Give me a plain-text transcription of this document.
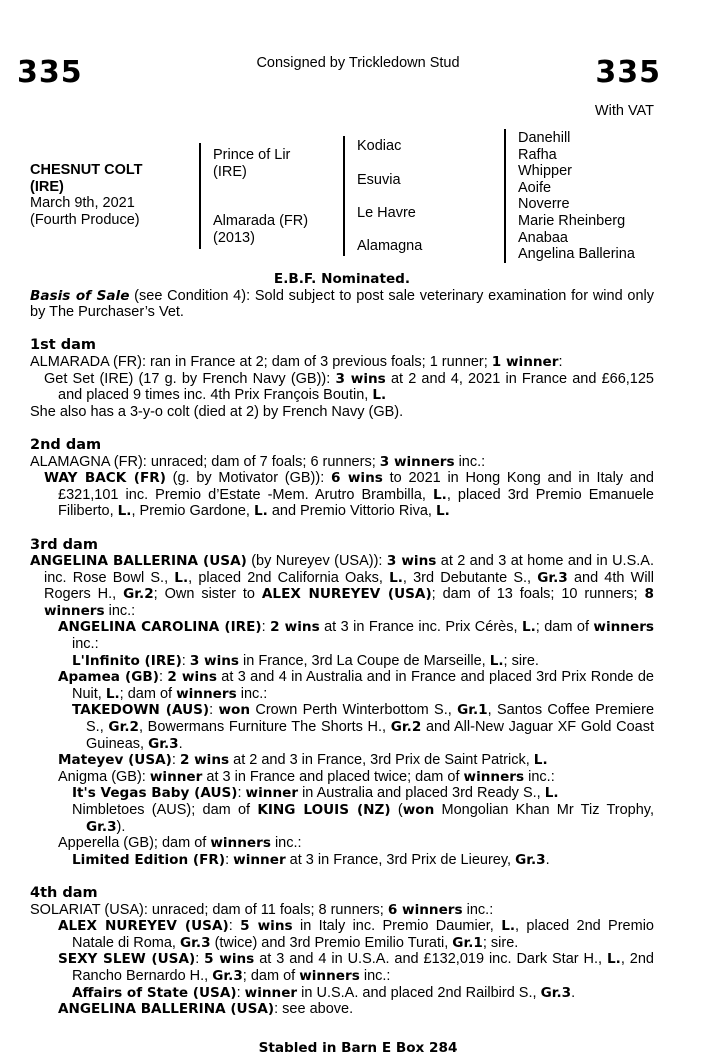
335	Consigned by Trickledown Stud	335
With VAT
CHESNUT COLT
(IRE)
March 9th, 2021
(Fourth Produce)
Prince of Lir
(IRE)
Almarada (FR)
(2013)
Kodiac
Esuvia
Le Havre
Alamagna
Danehill
Rafha
Whipper
Aoife
Noverre
Marie Rheinberg
Anabaa
Angelina Ballerina

E.B.F. Nominated.

Basis of Sale (see Condition 4): Sold subject to post sale veterinary examination for wind only by The Purchaser’s Vet.

1st dam

ALMARADA (FR): ran in France at 2; dam of 3 previous foals; 1 runner; 1 winner:

Get Set (IRE) (17 g. by French Navy (GB)): 3 wins at 2 and 4, 2021 in France and £66,125 and placed 9 times inc. 4th Prix François Boutin, L.

She also has a 3-y-o colt (died at 2) by French Navy (GB).

2nd dam

ALAMAGNA (FR): unraced; dam of 7 foals; 6 runners; 3 winners inc.:

WAY BACK (FR) (g. by Motivator (GB)): 6 wins to 2021 in Hong Kong and in Italy and £321,101 inc. Premio d’Estate -Mem. Arutro Brambilla, L., placed 3rd Premio Emanuele Filiberto, L., Premio Gardone, L. and Premio Vittorio Riva, L.

3rd dam

ANGELINA BALLERINA (USA) (by Nureyev (USA)): 3 wins at 2 and 3 at home and in U.S.A. inc. Rose Bowl S., L., placed 2nd California Oaks, L., 3rd Debutante S., Gr.3 and 4th Will Rogers H., Gr.2; Own sister to ALEX NUREYEV (USA); dam of 13 foals; 10 runners; 8 winners inc.:

ANGELINA CAROLINA (IRE): 2 wins at 3 in France inc. Prix Cérès, L.; dam of winners inc.:

L'Infinito (IRE): 3 wins in France, 3rd La Coupe de Marseille, L.; sire.

Apamea (GB): 2 wins at 3 and 4 in Australia and in France and placed 3rd Prix Ronde de Nuit, L.; dam of winners inc.:

TAKEDOWN (AUS): won Crown Perth Winterbottom S., Gr.1, Santos Coffee Premiere S., Gr.2, Bowermans Furniture The Shorts H., Gr.2 and All-New Jaguar XF Gold Coast Guineas, Gr.3.

Mateyev (USA): 2 wins at 2 and 3 in France, 3rd Prix de Saint Patrick, L.

Anigma (GB): winner at 3 in France and placed twice; dam of winners inc.:

It's Vegas Baby (AUS): winner in Australia and placed 3rd Ready S., L.

Nimbletoes (AUS); dam of KING LOUIS (NZ) (won Mongolian Khan Mr Tiz Trophy, Gr.3).

Apperella (GB); dam of winners inc.:

Limited Edition (FR): winner at 3 in France, 3rd Prix de Lieurey, Gr.3.

4th dam

SOLARIAT (USA): unraced; dam of 11 foals; 8 runners; 6 winners inc.:

ALEX NUREYEV (USA): 5 wins in Italy inc. Premio Daumier, L., placed 2nd Premio Natale di Roma, Gr.3 (twice) and 3rd Premio Emilio Turati, Gr.1; sire.

SEXY SLEW (USA): 5 wins at 3 and 4 in U.S.A. and £132,019 inc. Dark Star H., L., 2nd Rancho Bernardo H., Gr.3; dam of winners inc.:

Affairs of State (USA): winner in U.S.A. and placed 2nd Railbird S., Gr.3.

ANGELINA BALLERINA (USA): see above.

Stabled in Barn E Box 284
